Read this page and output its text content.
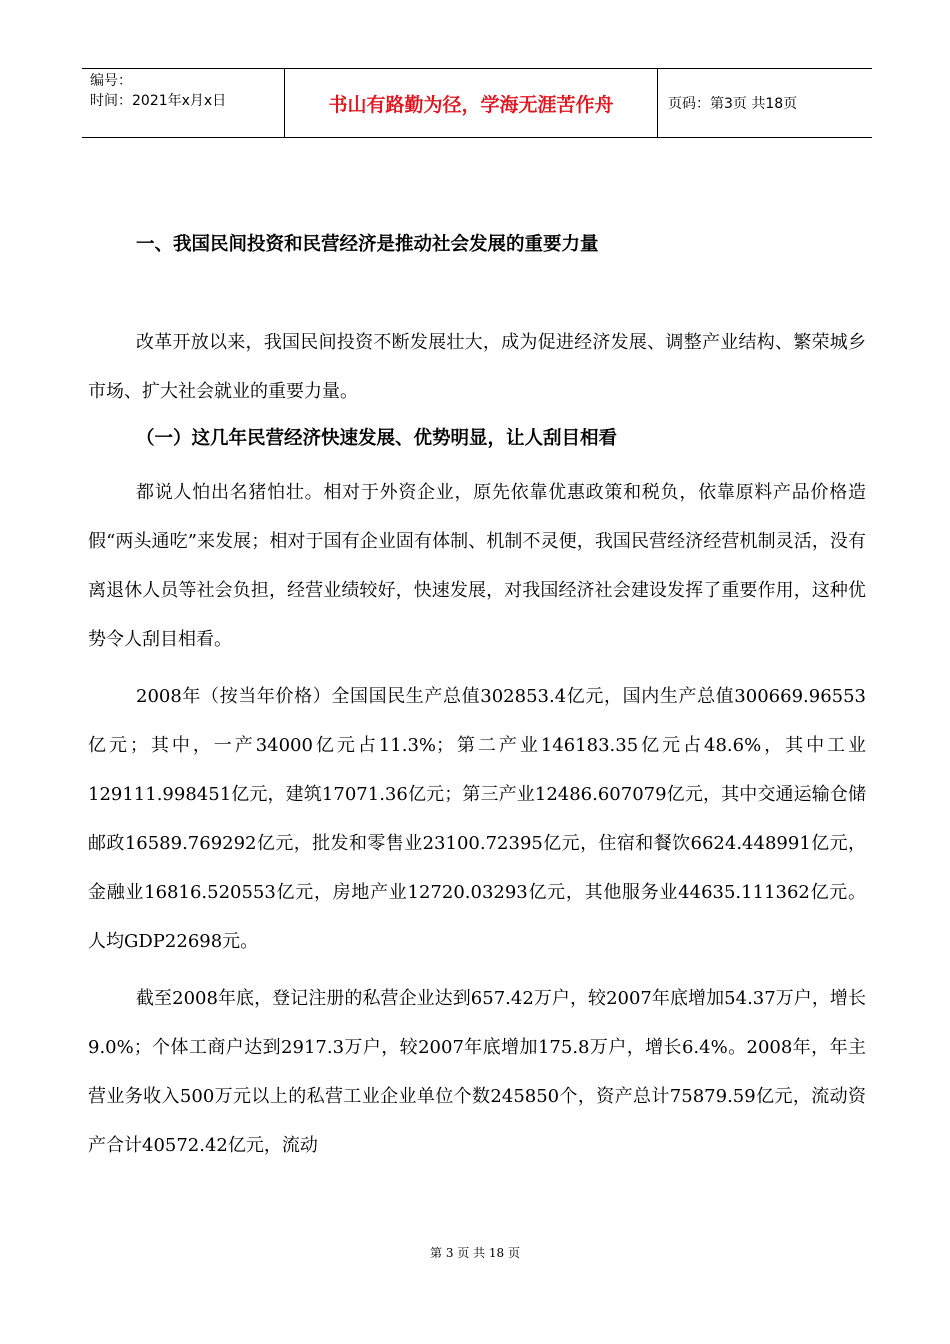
编号：
时间：2021年x月x日	书山有路勤为径，学海无涯苦作舟	页码：第3页 共18页
一、我国民间投资和民营经济是推动社会发展的重要力量

改革开放以来，我国民间投资不断发展壮大，成为促进经济发展、调整产业结构、繁荣城乡市场、扩大社会就业的重要力量。

（一）这几年民营经济快速发展、优势明显，让人刮目相看

都说人怕出名猪怕壮。相对于外资企业，原先依靠优惠政策和税负，依靠原料产品价格造假“两头通吃”来发展；相对于国有企业固有体制、机制不灵便，我国民营经济经营机制灵活，没有离退休人员等社会负担，经营业绩较好，快速发展，对我国经济社会建设发挥了重要作用，这种优势令人刮目相看。

2008年（按当年价格）全国国民生产总值302853.4亿元，国内生产总值300669.96553亿元；其中，一产34000亿元占11.3%；第二产业146183.35亿元占48.6%，其中工业129111.998451亿元，建筑17071.36亿元；第三产业12486.607079亿元，其中交通运输仓储邮政16589.769292亿元，批发和零售业23100.72395亿元，住宿和餐饮6624.448991亿元，金融业16816.520553亿元，房地产业12720.03293亿元，其他服务业44635.111362亿元。人均GDP22698元。

截至2008年底，登记注册的私营企业达到657.42万户，较2007年底增加54.37万户，增长9.0%；个体工商户达到2917.3万户，较2007年底增加175.8万户，增长6.4%。2008年，年主营业务收入500万元以上的私营工业企业单位个数245850个，资产总计75879.59亿元，流动资产合计40572.42亿元，流动

第 3 页 共 18 页
